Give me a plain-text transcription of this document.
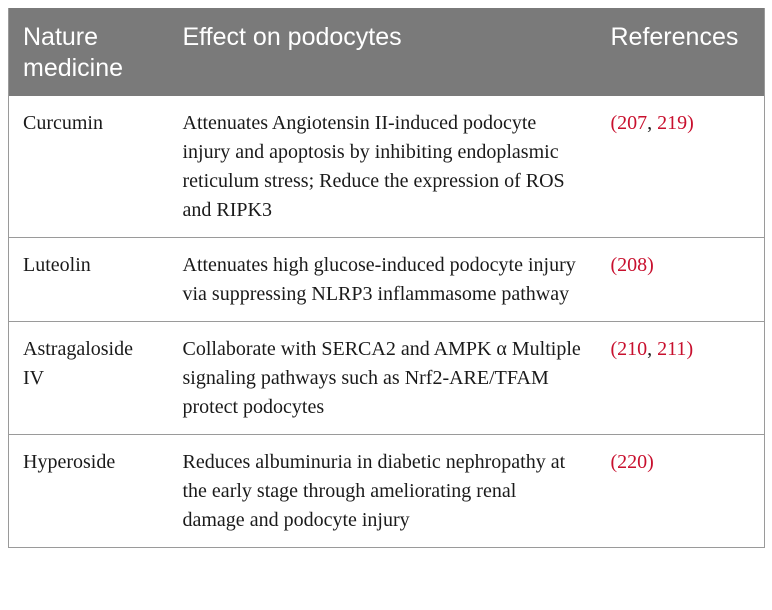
Nature medicine	Effect on podocytes	References
Curcumin	Attenuates Angiotensin II-induced podocyte injury and apoptosis by inhibiting endoplasmic reticulum stress; Reduce the expression of ROS and RIPK3	(207, 219)
Luteolin	Attenuates high glucose-induced podocyte injury via suppressing NLRP3 inflammasome pathway	(208)
Astragaloside IV	Collaborate with SERCA2 and AMPK α Multiple signaling pathways such as Nrf2-ARE/TFAM protect podocytes	(210, 211)
Hyperoside	Reduces albuminuria in diabetic nephropathy at the early stage through ameliorating renal damage and podocyte injury	(220)
